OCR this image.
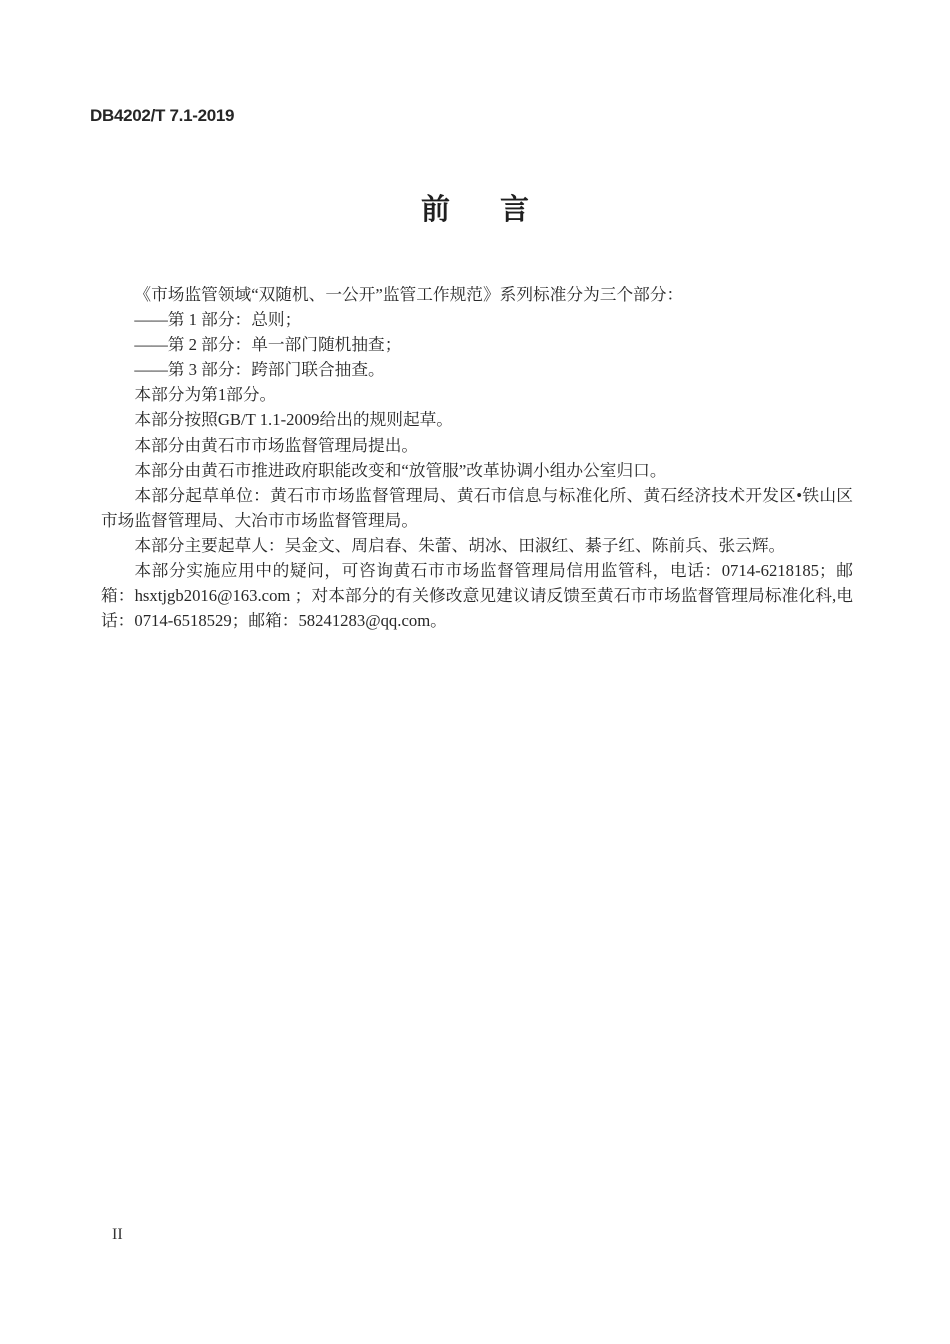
DB4202/T 7.1-2019
前 言

《市场监管领域“双随机、一公开”监管工作规范》系列标准分为三个部分：

——第 1 部分：总则；

——第 2 部分：单一部门随机抽查；

——第 3 部分：跨部门联合抽查。

本部分为第1部分。

本部分按照GB/T 1.1-2009给出的规则起草。

本部分由黄石市市场监督管理局提出。

本部分由黄石市推进政府职能改变和“放管服”改革协调小组办公室归口。

本部分起草单位：黄石市市场监督管理局、黄石市信息与标准化所、黄石经济技术开发区•铁山区市场监督管理局、大冶市市场监督管理局。

本部分主要起草人：吴金文、周启春、朱蕾、胡冰、田淑红、綦子红、陈前兵、张云辉。

本部分实施应用中的疑问，可咨询黄石市市场监督管理局信用监管科，电话：0714-6218185；邮箱：hsxtjgb2016@163.com ；对本部分的有关修改意见建议请反馈至黄石市市场监督管理局标准化科,电话：0714-6518529；邮箱：58241283@qq.com。

II
